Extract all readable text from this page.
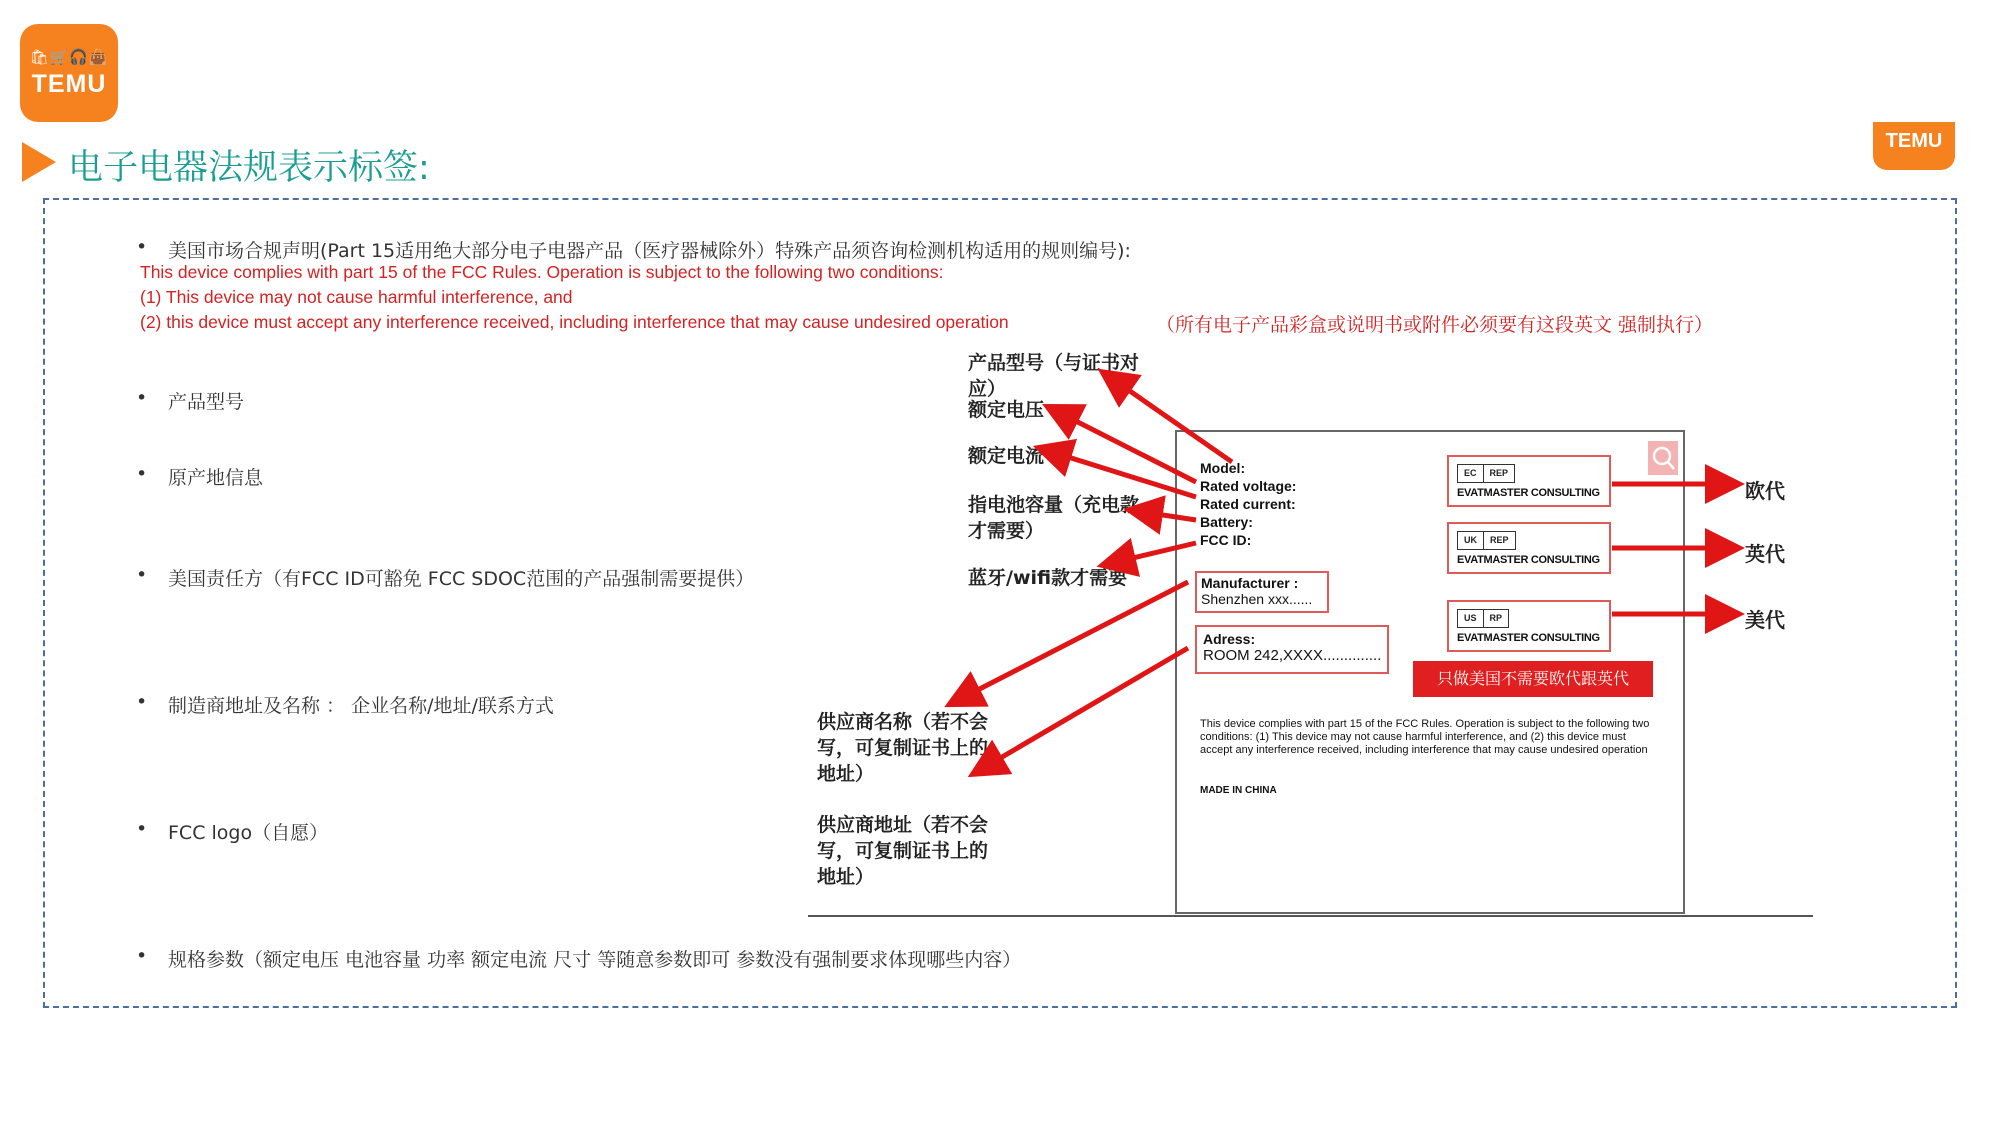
🛍🛒🎧👜
TEMU
TEMU
电子电器法规表示标签:
• 美国市场合规声明(Part 15适用绝大部分电子电器产品（医疗器械除外）特殊产品须咨询检测机构适用的规则编号):
This device complies with part 15 of the FCC Rules. Operation is subject to the following two conditions:
(1) This device may not cause harmful interference, and
(2) this device must accept any interference received, including interference that may cause undesired operation	（所有电子产品彩盒或说明书或附件必须要有这段英文 强制执行）
• 产品型号
• 原产地信息
• 美国责任方（有FCC ID可豁免 FCC SDOC范围的产品强制需要提供）
• 制造商地址及名称 ： 企业名称/地址/联系方式
• FCC logo（自愿）
• 规格参数（额定电压 电池容量 功率 额定电流 尺寸 等随意参数即可 参数没有强制要求体现哪些内容）
产品型号（与证书对应）
额定电压
额定电流
指电池容量（充电款才需要）
蓝牙/wifi款才需要
供应商名称（若不会写，可复制证书上的地址）
供应商地址（若不会写，可复制证书上的地址）
Model:
Rated voltage:
Rated current:
Battery:
FCC ID:
Manufacturer :
Shenzhen xxx......
Adress:
ROOM 242,XXXX..............
EC	REP
EVATMASTER CONSULTING
UK	REP
EVATMASTER CONSULTING
US	RP
EVATMASTER CONSULTING
欧代
英代
美代
只做美国不需要欧代跟英代
This device complies with part 15 of the FCC Rules. Operation is subject to the following two conditions: (1) This device may not cause harmful interference, and (2) this device must accept any interference received, including interference that may cause undesired operation
MADE IN CHINA
